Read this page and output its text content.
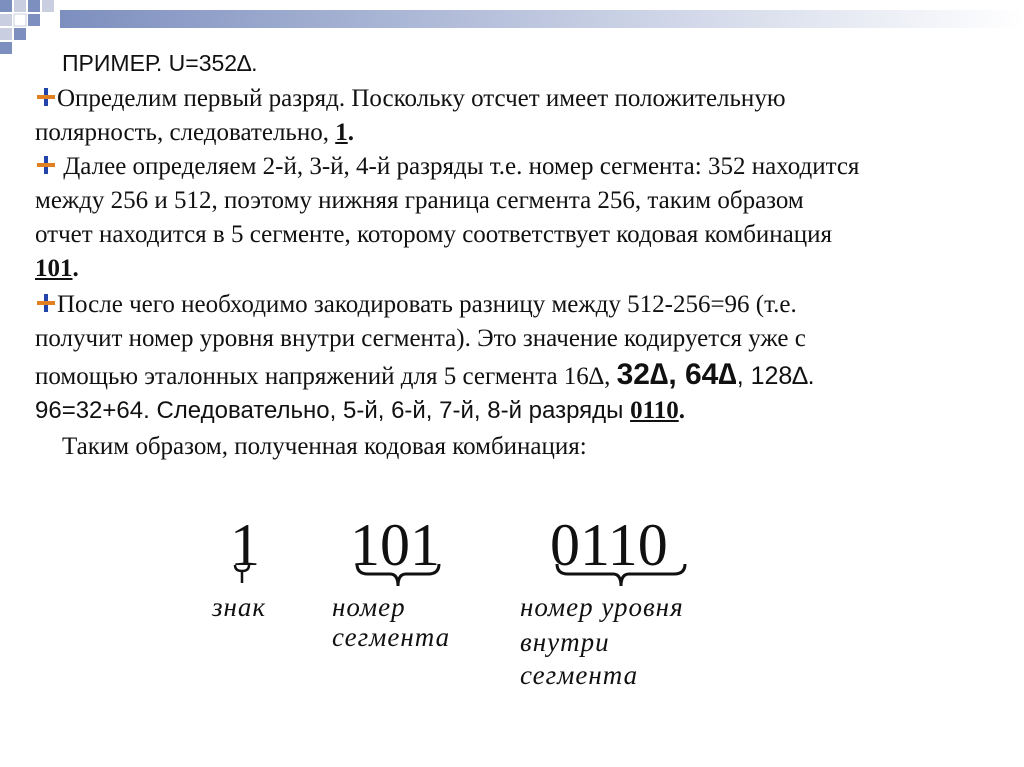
ПРИМЕР. U=352∆.
Определим первый разряд. Поскольку отсчет имеет положительную
полярность, следовательно, 1.
Далее определяем 2-й, 3-й, 4-й разряды т.е. номер сегмента: 352 находится
между 256 и 512, поэтому нижняя граница сегмента 256, таким образом
отчет находится в 5 сегменте, которому соответствует кодовая комбинация
101.
После чего необходимо закодировать разницу между 512-256=96 (т.е.
получит номер уровня внутри сегмента). Это значение кодируется уже с
помощью эталонных напряжений для 5 сегмента 16∆, 32∆, 64∆, 128∆.
96=32+64. Следовательно, 5-й, 6-й, 7-й, 8-й разряды 0110.
Таким образом, полученная кодовая комбинация:
1 101 0110
знак номер
сегмента
номер уровня
внутри
сегмента
